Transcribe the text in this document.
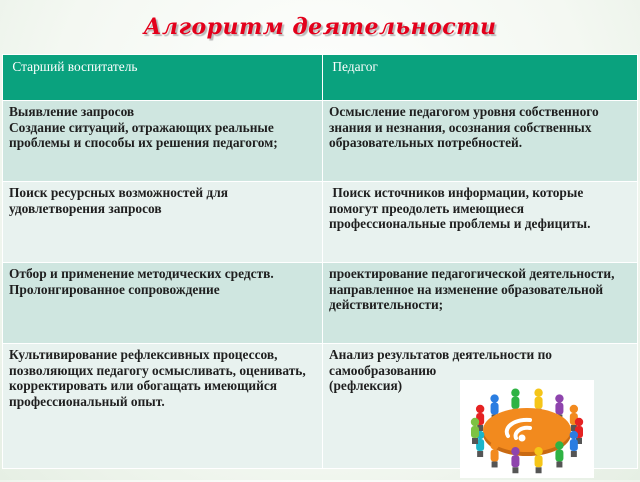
Алгоритм деятельности
Старший воспитатель	Педагог
Выявление запросов
Создание ситуаций, отражающих реальные проблемы и способы их решения педагогом;	Осмысление педагогом уровня собственного знания и незнания, осознания собственных образовательных потребностей.
Поиск ресурсных возможностей для удовлетворения запросов	Поиск источников информации, которые помогут преодолеть имеющиеся профессиональные проблемы и дефициты.
Отбор и применение методических средств. Пролонгированное сопровождение	проектирование педагогической деятельности, направленное на изменение образовательной действительности;
Культивирование рефлексивных процессов, позволяющих педагогу осмысливать, оценивать, корректировать или обогащать имеющийся профессиональный опыт.	Анализ результатов деятельности по самообразованию
(рефлексия)
